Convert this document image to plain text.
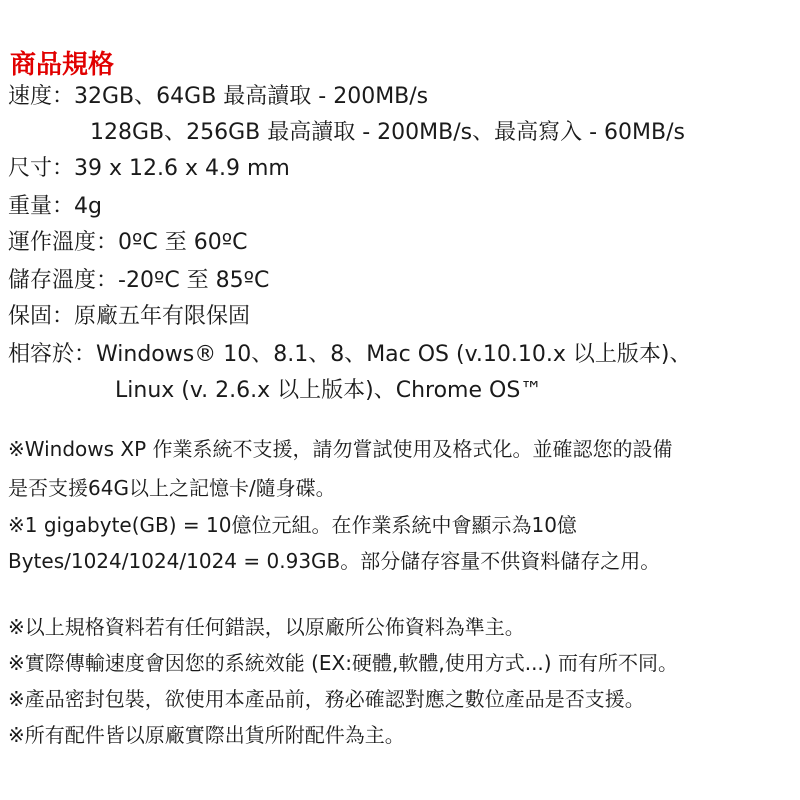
商品規格
速度：32GB、64GB 最高讀取 - 200MB/s
128GB、256GB 最高讀取 - 200MB/s、最高寫入 - 60MB/s
尺寸：39 x 12.6 x 4.9 mm
重量：4g
運作溫度：0ºC 至 60ºC
儲存溫度：-20ºC 至 85ºC
保固：原廠五年有限保固
相容於：Windows® 10、8.1、8、Mac OS (v.10.10.x 以上版本)、
Linux (v. 2.6.x 以上版本)、Chrome OS™
※Windows XP 作業系統不支援，請勿嘗試使用及格式化。並確認您的設備
是否支援64G以上之記憶卡/隨身碟。
※1 gigabyte(GB) = 10億位元組。在作業系統中會顯示為10億
Bytes/1024/1024/1024 = 0.93GB。部分儲存容量不供資料儲存之用。
※以上規格資料若有任何錯誤，以原廠所公佈資料為準主。
※實際傳輸速度會因您的系統效能 (EX:硬體,軟體,使用方式...) 而有所不同。
※產品密封包裝，欲使用本產品前，務必確認對應之數位產品是否支援。
※所有配件皆以原廠實際出貨所附配件為主。
